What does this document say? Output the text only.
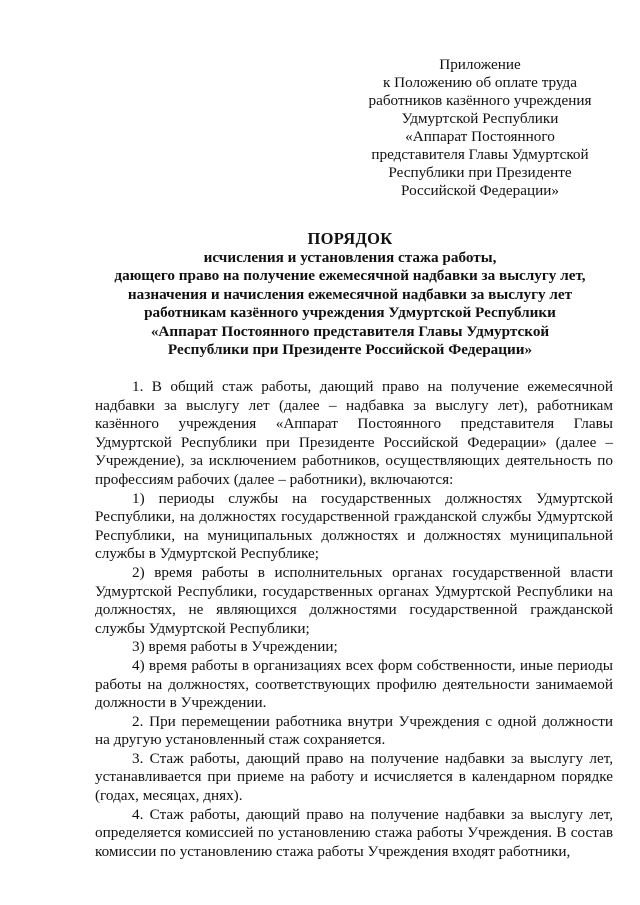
Приложение
к Положению об оплате труда
работников казённого учреждения
Удмуртской Республики
«Аппарат Постоянного
представителя Главы Удмуртской
Республики при Президенте
Российской Федерации»
ПОРЯДОК
исчисления и установления стажа работы,
дающего право на получение ежемесячной надбавки за выслугу лет,
назначения и начисления ежемесячной надбавки за выслугу лет
работникам казённого учреждения Удмуртской Республики
«Аппарат Постоянного представителя Главы Удмуртской
Республики при Президенте Российской Федерации»

1. В общий стаж работы, дающий право на получение ежемесячной надбавки за выслугу лет (далее – надбавка за выслугу лет), работникам казённого учреждения «Аппарат Постоянного представителя Главы Удмуртской Республики при Президенте Российской Федерации» (далее – Учреждение), за исключением работников, осуществляющих деятельность по профессиям рабочих (далее – работники), включаются:

1) периоды службы на государственных должностях Удмуртской Республики, на должностях государственной гражданской службы Удмуртской Республики, на муниципальных должностях и должностях муниципальной службы в Удмуртской Республике;

2) время работы в исполнительных органах государственной власти Удмуртской Республики, государственных органах Удмуртской Республики на должностях, не являющихся должностями государственной гражданской службы Удмуртской Республики;

3) время работы в Учреждении;

4) время работы в организациях всех форм собственности, иные периоды работы на должностях, соответствующих профилю деятельности занимаемой должности в Учреждении.

2. При перемещении работника внутри Учреждения с одной должности на другую установленный стаж сохраняется.

3. Стаж работы, дающий право на получение надбавки за выслугу лет, устанавливается при приеме на работу и исчисляется в календарном порядке (годах, месяцах, днях).

4. Стаж работы, дающий право на получение надбавки за выслугу лет, определяется комиссией по установлению стажа работы Учреждения. В состав комиссии по установлению стажа работы Учреждения входят работники,
